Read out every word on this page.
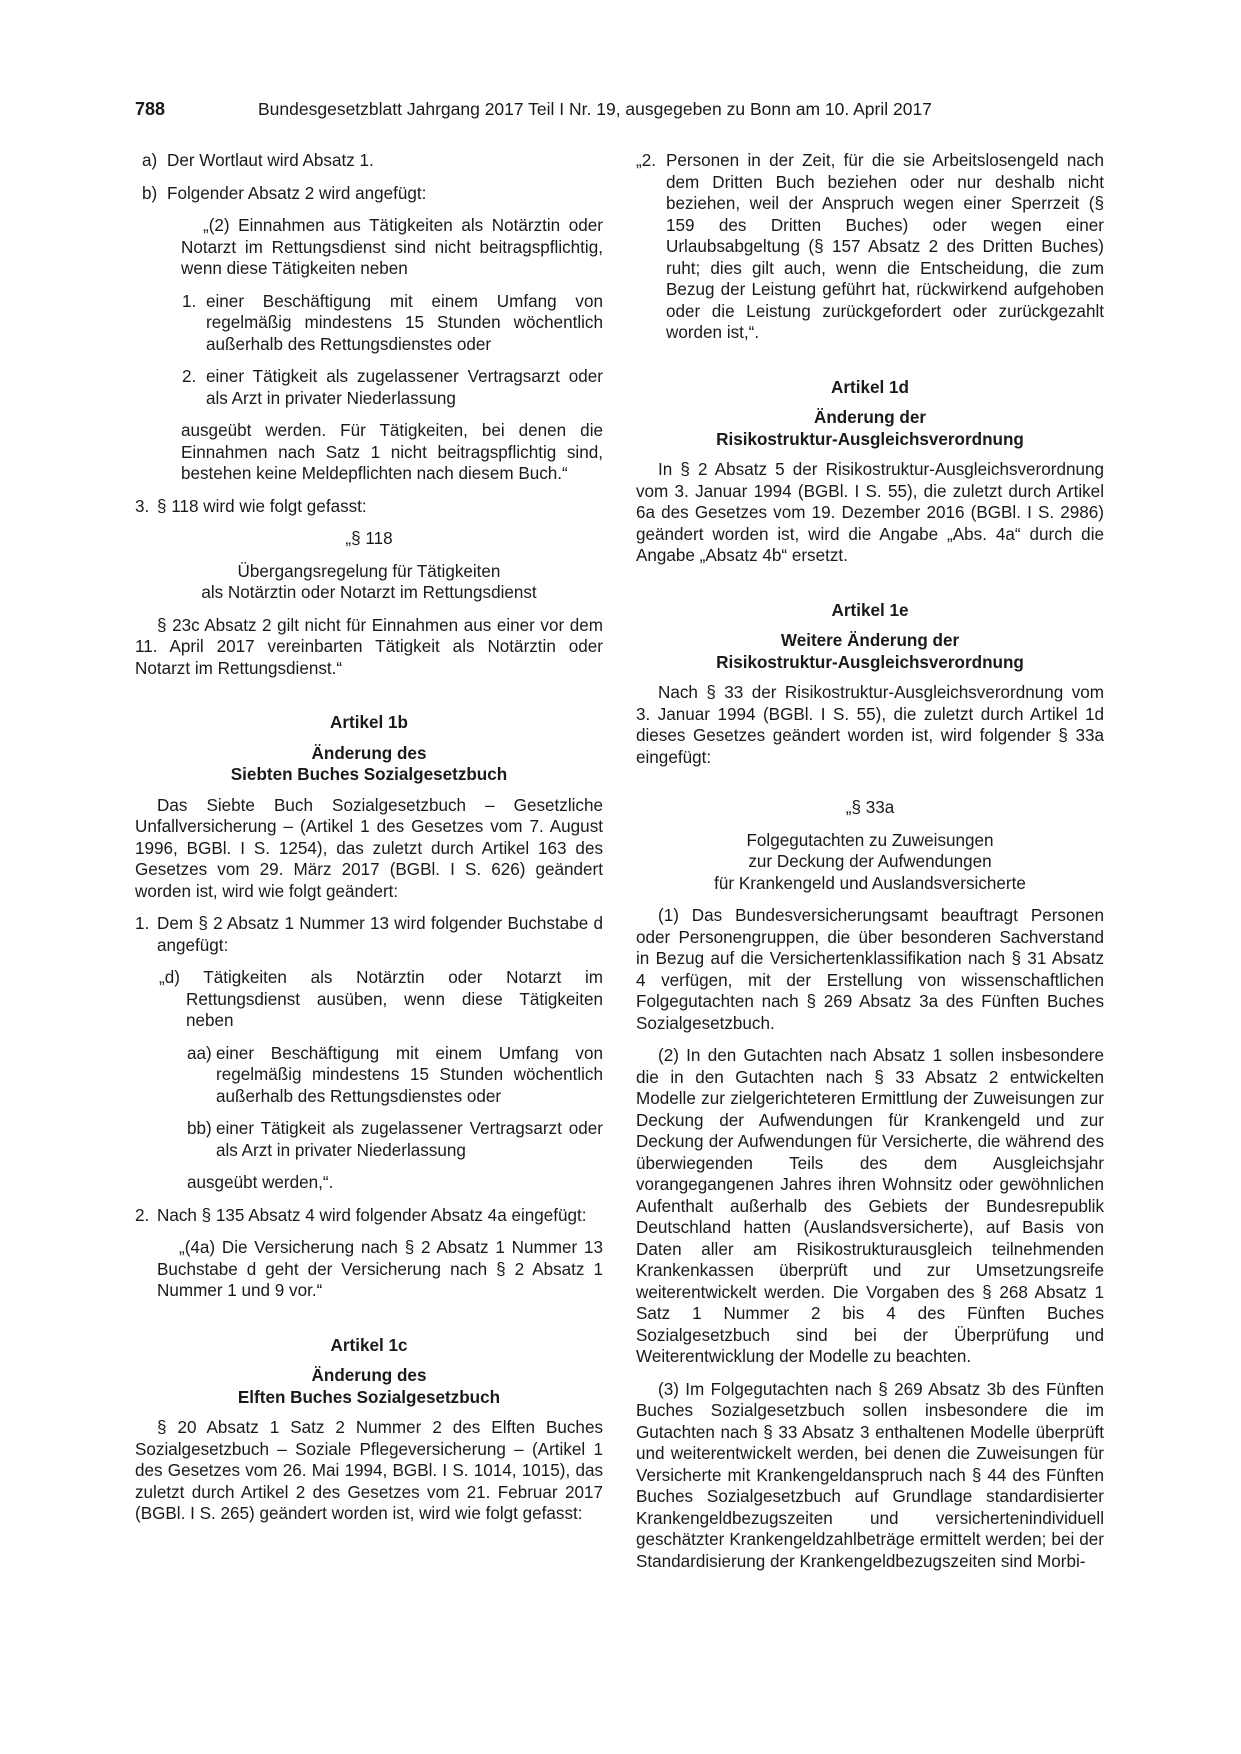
788	Bundesgesetzblatt Jahrgang 2017 Teil I Nr. 19, ausgegeben zu Bonn am 10. April 2017

a) Der Wortlaut wird Absatz 1.

b) Folgender Absatz 2 wird angefügt:

„(2) Einnahmen aus Tätigkeiten als Notärztin oder Notarzt im Rettungsdienst sind nicht beitragspflichtig, wenn diese Tätigkeiten neben

1. einer Beschäftigung mit einem Umfang von regelmäßig mindestens 15 Stunden wöchentlich außerhalb des Rettungsdienstes oder

2. einer Tätigkeit als zugelassener Vertragsarzt oder als Arzt in privater Niederlassung

ausgeübt werden. Für Tätigkeiten, bei denen die Einnahmen nach Satz 1 nicht beitragspflichtig sind, bestehen keine Meldepflichten nach diesem Buch.“

3. § 118 wird wie folgt gefasst:

„§ 118
Übergangsregelung für Tätigkeiten
als Notärztin oder Notarzt im Rettungsdienst

§ 23c Absatz 2 gilt nicht für Einnahmen aus einer vor dem 11. April 2017 vereinbarten Tätigkeit als Notärztin oder Notarzt im Rettungsdienst.“

Artikel 1b
Änderung des
Siebten Buches Sozialgesetzbuch

Das Siebte Buch Sozialgesetzbuch – Gesetzliche Unfallversicherung – (Artikel 1 des Gesetzes vom 7. August 1996, BGBl. I S. 1254), das zuletzt durch Artikel 163 des Gesetzes vom 29. März 2017 (BGBl. I S. 626) geändert worden ist, wird wie folgt geändert:

1. Dem § 2 Absatz 1 Nummer 13 wird folgender Buchstabe d angefügt:

„d) Tätigkeiten als Notärztin oder Notarzt im Rettungsdienst ausüben, wenn diese Tätigkeiten neben

aa) einer Beschäftigung mit einem Umfang von regelmäßig mindestens 15 Stunden wöchentlich außerhalb des Rettungsdienstes oder

bb) einer Tätigkeit als zugelassener Vertragsarzt oder als Arzt in privater Niederlassung

ausgeübt werden,“.

2. Nach § 135 Absatz 4 wird folgender Absatz 4a eingefügt:

„(4a) Die Versicherung nach § 2 Absatz 1 Nummer 13 Buchstabe d geht der Versicherung nach § 2 Absatz 1 Nummer 1 und 9 vor.“

Artikel 1c
Änderung des
Elften Buches Sozialgesetzbuch

§ 20 Absatz 1 Satz 2 Nummer 2 des Elften Buches Sozialgesetzbuch – Soziale Pflegeversicherung – (Artikel 1 des Gesetzes vom 26. Mai 1994, BGBl. I S. 1014, 1015), das zuletzt durch Artikel 2 des Gesetzes vom 21. Februar 2017 (BGBl. I S. 265) geändert worden ist, wird wie folgt gefasst:

„2. Personen in der Zeit, für die sie Arbeitslosengeld nach dem Dritten Buch beziehen oder nur deshalb nicht beziehen, weil der Anspruch wegen einer Sperrzeit (§ 159 des Dritten Buches) oder wegen einer Urlaubsabgeltung (§ 157 Absatz 2 des Dritten Buches) ruht; dies gilt auch, wenn die Entscheidung, die zum Bezug der Leistung geführt hat, rückwirkend aufgehoben oder die Leistung zurückgefordert oder zurückgezahlt worden ist,“.

Artikel 1d
Änderung der
Risikostruktur-Ausgleichsverordnung

In § 2 Absatz 5 der Risikostruktur-Ausgleichsverordnung vom 3. Januar 1994 (BGBl. I S. 55), die zuletzt durch Artikel 6a des Gesetzes vom 19. Dezember 2016 (BGBl. I S. 2986) geändert worden ist, wird die Angabe „Abs. 4a“ durch die Angabe „Absatz 4b“ ersetzt.

Artikel 1e
Weitere Änderung der
Risikostruktur-Ausgleichsverordnung

Nach § 33 der Risikostruktur-Ausgleichsverordnung vom 3. Januar 1994 (BGBl. I S. 55), die zuletzt durch Artikel 1d dieses Gesetzes geändert worden ist, wird folgender § 33a eingefügt:

„§ 33a
Folgegutachten zu Zuweisungen
zur Deckung der Aufwendungen
für Krankengeld und Auslandsversicherte

(1) Das Bundesversicherungsamt beauftragt Personen oder Personengruppen, die über besonderen Sachverstand in Bezug auf die Versichertenklassifikation nach § 31 Absatz 4 verfügen, mit der Erstellung von wissenschaftlichen Folgegutachten nach § 269 Absatz 3a des Fünften Buches Sozialgesetzbuch.

(2) In den Gutachten nach Absatz 1 sollen insbesondere die in den Gutachten nach § 33 Absatz 2 entwickelten Modelle zur zielgerichteteren Ermittlung der Zuweisungen zur Deckung der Aufwendungen für Krankengeld und zur Deckung der Aufwendungen für Versicherte, die während des überwiegenden Teils des dem Ausgleichsjahr vorangegangenen Jahres ihren Wohnsitz oder gewöhnlichen Aufenthalt außerhalb des Gebiets der Bundesrepublik Deutschland hatten (Auslandsversicherte), auf Basis von Daten aller am Risikostrukturausgleich teilnehmenden Krankenkassen überprüft und zur Umsetzungsreife weiterentwickelt werden. Die Vorgaben des § 268 Absatz 1 Satz 1 Nummer 2 bis 4 des Fünften Buches Sozialgesetzbuch sind bei der Überprüfung und Weiterentwicklung der Modelle zu beachten.

(3) Im Folgegutachten nach § 269 Absatz 3b des Fünften Buches Sozialgesetzbuch sollen insbesondere die im Gutachten nach § 33 Absatz 3 enthaltenen Modelle überprüft und weiterentwickelt werden, bei denen die Zuweisungen für Versicherte mit Krankengeldanspruch nach § 44 des Fünften Buches Sozialgesetzbuch auf Grundlage standardisierter Krankengeldbezugszeiten und versichertenindividuell geschätzter Krankengeldzahlbeträge ermittelt werden; bei der Standardisierung der Krankengeldbezugszeiten sind Morbi-
